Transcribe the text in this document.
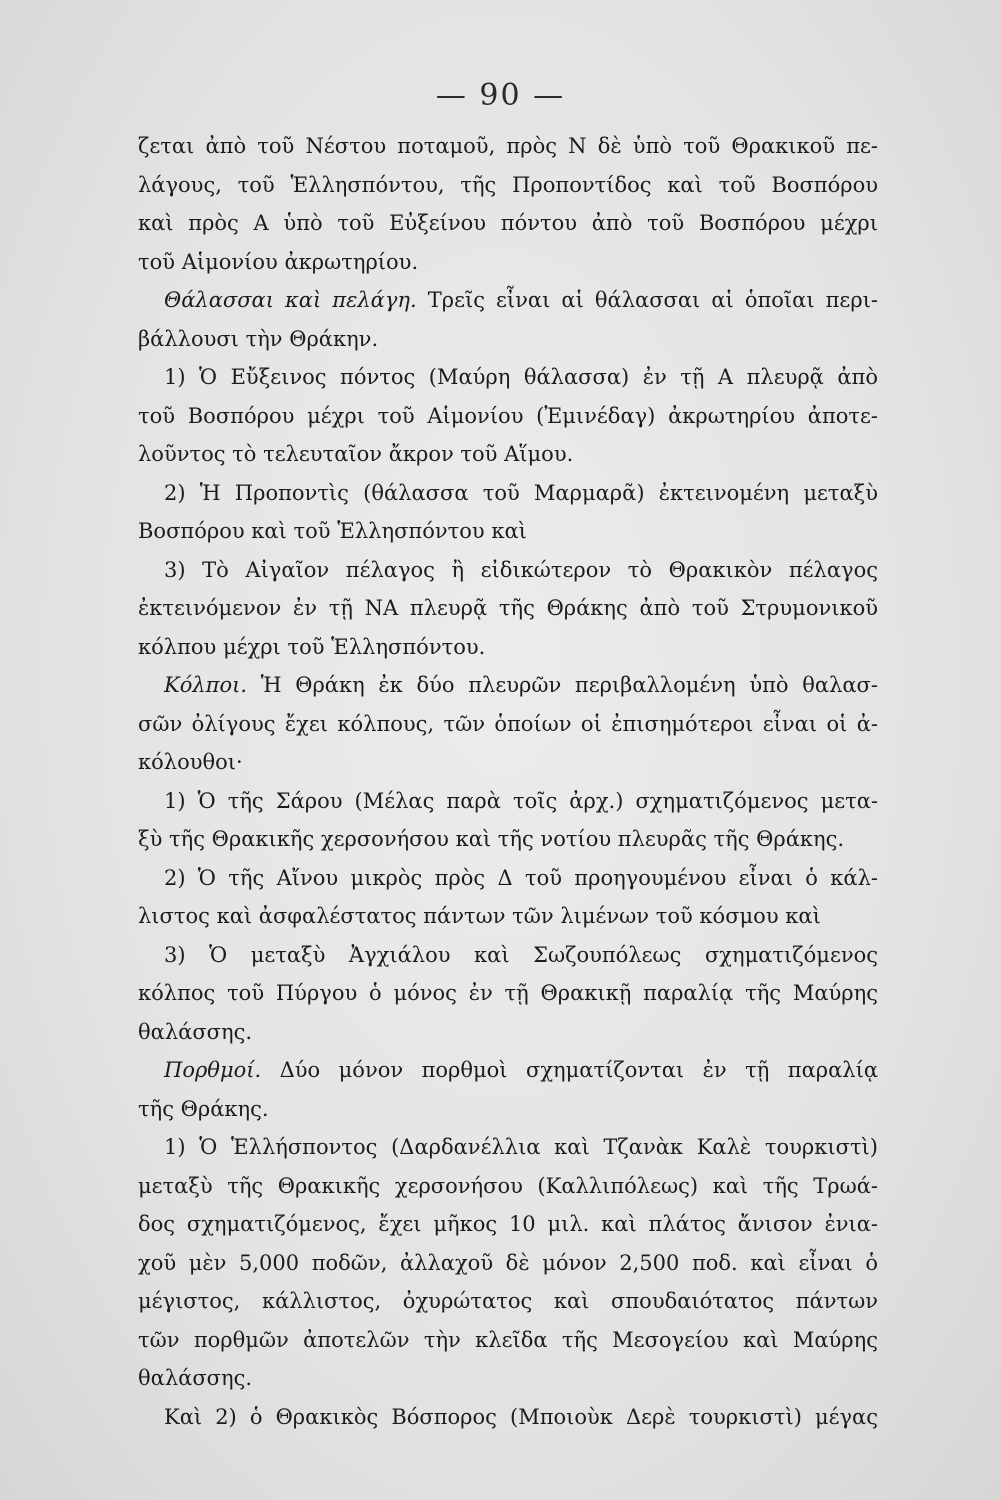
— 90 —
ζεται ἀπὸ τοῦ Νέστου ποταμοῦ, πρὸς Ν δὲ ὑπὸ τοῦ Θρακικοῦ πε-
λάγους, τοῦ Ἑλλησπόντου, τῆς Προποντίδος καὶ τοῦ Βοσπόρου
καὶ πρὸς Α ὑπὸ τοῦ Εὐξείνου πόντου ἀπὸ τοῦ Βοσπόρου μέχρι
τοῦ Αἱμονίου ἀκρωτηρίου.
Θάλασσαι καὶ πελάγη. Τρεῖς εἶναι αἱ θάλασσαι αἱ ὁποῖαι περι-
βάλλουσι τὴν Θράκην.
1) Ὁ Εὔξεινος πόντος (Μαύρη θάλασσα) ἐν τῇ Α πλευρᾷ ἀπὸ
τοῦ Βοσπόρου μέχρι τοῦ Αἱμονίου (Ἐμινέδαγ) ἀκρωτηρίου ἀποτε-
λοῦντος τὸ τελευταῖον ἄκρον τοῦ Αἵμου.
2) Ἡ Προποντὶς (θάλασσα τοῦ Μαρμαρᾶ) ἐκτεινομένη μεταξὺ
Βοσπόρου καὶ τοῦ Ἑλλησπόντου καὶ
3) Τὸ Αἰγαῖον πέλαγος ἢ εἰδικώτερον τὸ Θρακικὸν πέλαγος
ἐκτεινόμενον ἐν τῇ ΝΑ πλευρᾷ τῆς Θράκης ἀπὸ τοῦ Στρυμονικοῦ
κόλπου μέχρι τοῦ Ἑλλησπόντου.
Κόλποι. Ἡ Θράκη ἐκ δύο πλευρῶν περιβαλλομένη ὑπὸ θαλασ-
σῶν ὀλίγους ἔχει κόλπους, τῶν ὁποίων οἱ ἐπισημότεροι εἶναι οἱ ἀ-
κόλουθοι·
1) Ὁ τῆς Σάρου (Μέλας παρὰ τοῖς ἀρχ.) σχηματιζόμενος μετα-
ξὺ τῆς Θρακικῆς χερσονήσου καὶ τῆς νοτίου πλευρᾶς τῆς Θράκης.
2) Ὁ τῆς Αἴνου μικρὸς πρὸς Δ τοῦ προηγουμένου εἶναι ὁ κάλ-
λιστος καὶ ἀσφαλέστατος πάντων τῶν λιμένων τοῦ κόσμου καὶ
3) Ὁ μεταξὺ Ἀγχιάλου καὶ Σωζουπόλεως σχηματιζόμενος
κόλπος τοῦ Πύργου ὁ μόνος ἐν τῇ Θρακικῇ παραλίᾳ τῆς Μαύρης
θαλάσσης.
Πορθμοί. Δύο μόνον πορθμοὶ σχηματίζονται ἐν τῇ παραλίᾳ
τῆς Θράκης.
1) Ὁ Ἑλλήσποντος (Δαρδανέλλια καὶ Τζανὰκ Καλὲ τουρκιστὶ)
μεταξὺ τῆς Θρακικῆς χερσονήσου (Καλλιπόλεως) καὶ τῆς Τρωά-
δος σχηματιζόμενος, ἔχει μῆκος 10 μιλ. καὶ πλάτος ἄνισον ἐνια-
χοῦ μὲν 5,000 ποδῶν, ἀλλαχοῦ δὲ μόνον 2,500 ποδ. καὶ εἶναι ὁ
μέγιστος, κάλλιστος, ὀχυρώτατος καὶ σπουδαιότατος πάντων
τῶν πορθμῶν ἀποτελῶν τὴν κλεῖδα τῆς Μεσογείου καὶ Μαύρης
θαλάσσης.
Καὶ 2) ὁ Θρακικὸς Βόσπορος (Μποιοὺκ Δερὲ τουρκιστὶ) μέγας
